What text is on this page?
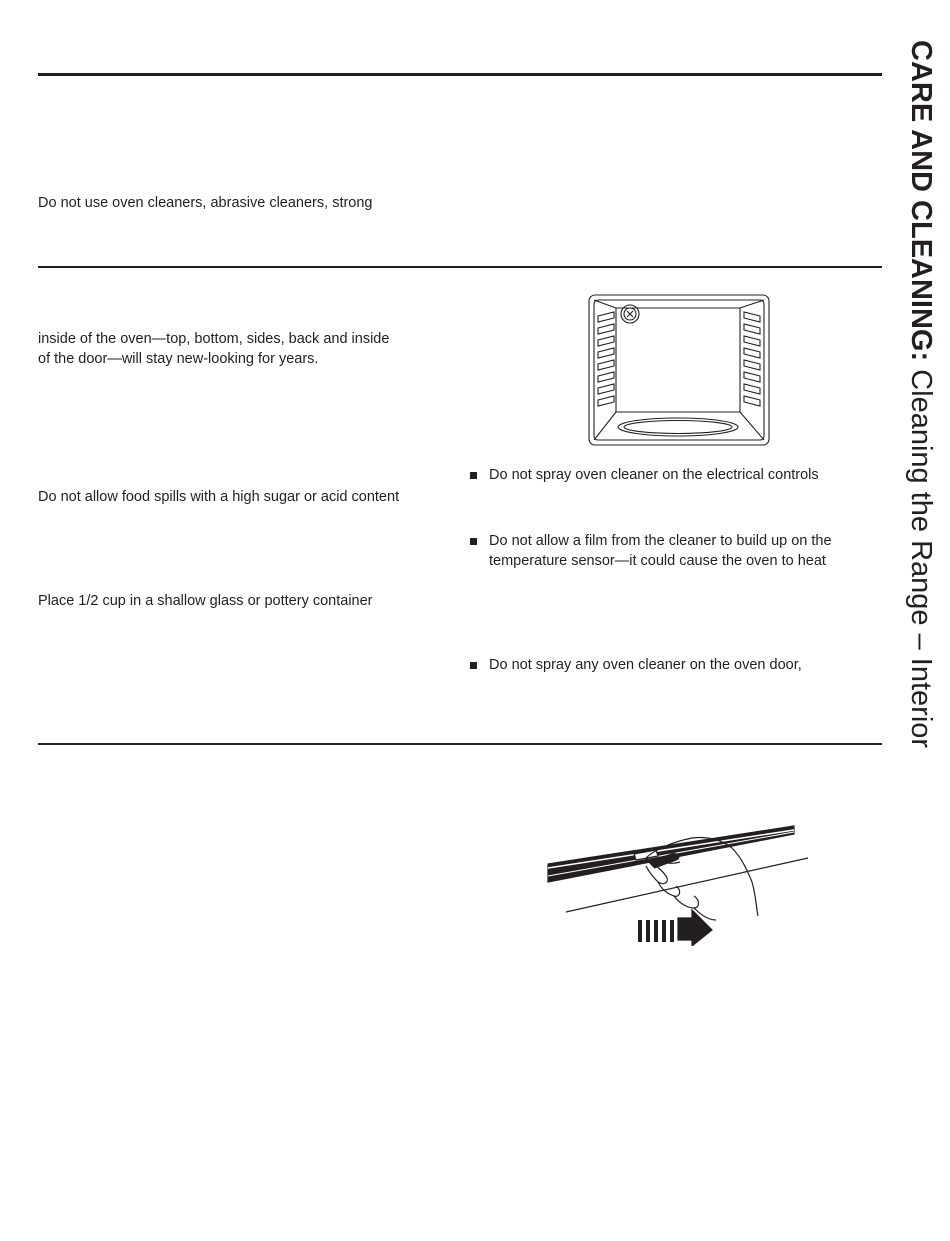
Do not use oven cleaners, abrasive cleaners, strong

inside of the oven—top, bottom, sides, back and inside

of the door—will stay new-looking for years.

Do not allow food spills with a high sugar or acid content

Place 1/2 cup in a shallow glass or pottery container

Do not spray oven cleaner on the electrical controls
Do not allow a film from the cleaner to build up on the
temperature sensor—it could cause the oven to heat
Do not spray any oven cleaner on the oven door,
CARE AND CLEANING: Cleaning the Range – Interior
